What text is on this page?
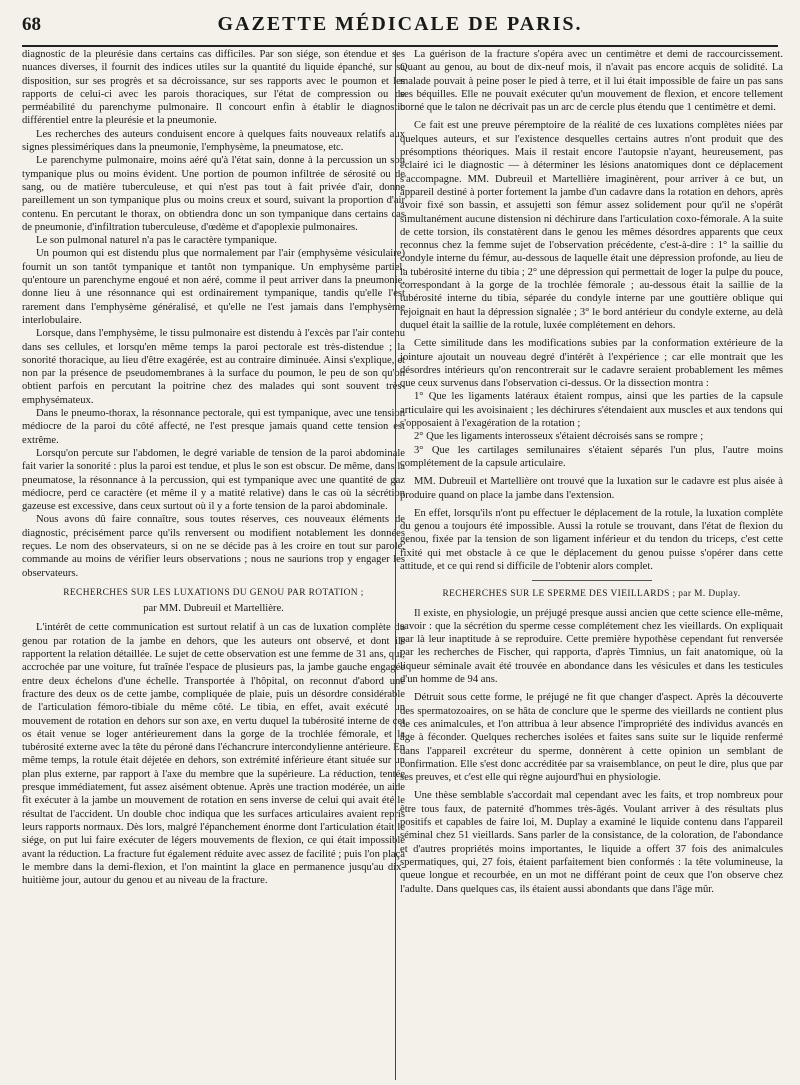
68	GAZETTE MÉDICALE DE PARIS.

diagnostic de la pleurésie dans certains cas difficiles. Par son siége, son étendue et ses nuances diverses, il fournit des indices utiles sur la quantité du liquide épanché, sur sa disposition, sur ses progrès et sa décroissance, sur ses rapports avec le poumon et les rapports de celui-ci avec les parois thoraciques, sur l'état de compression ou de perméabilité du parenchyme pulmonaire. Il concourt enfin à établir le diagnostic différentiel entre la pleurésie et la pneumonie.

Les recherches des auteurs conduisent encore à quelques faits nouveaux relatifs aux signes plessimériques dans la pneumonie, l'emphysème, la pneumatose, etc.

Le parenchyme pulmonaire, moins aéré qu'à l'état sain, donne à la percussion un son tympanique plus ou moins évident. Une portion de poumon infiltrée de sérosité ou de sang, ou de matière tuberculeuse, et qui n'est pas tout à fait privée d'air, donne pareillement un son tympanique plus ou moins creux et sourd, suivant la proportion d'air contenu. En percutant le thorax, on obtiendra donc un son tympanique dans certains cas de pneumonie, d'infiltration tuberculeuse, d'œdème et d'apoplexie pulmonaires.

Le son pulmonal naturel n'a pas le caractère tympanique.

Un poumon qui est distendu plus que normalement par l'air (emphysème vésiculaire) fournit un son tantôt tympanique et tantôt non tympanique. Un emphysème partiel, qu'entoure un parenchyme engoué et non aéré, comme il peut arriver dans la pneumonie, donne lieu à une résonnance qui est ordinairement tympanique, tandis qu'elle l'est rarement dans l'emphysème généralisé, et qu'elle ne l'est jamais dans l'emphysème interlobulaire.

Lorsque, dans l'emphysème, le tissu pulmonaire est distendu à l'excès par l'air contenu dans ses cellules, et lorsqu'en même temps la paroi pectorale est très-distendue ; la sonorité thoracique, au lieu d'être exagérée, est au contraire diminuée. Ainsi s'explique, et non par la présence de pseudomembranes à la surface du poumon, le peu de son qu'on obtient parfois en percutant la poitrine chez des malades qui sont souvent très-emphysémateux.

Dans le pneumo-thorax, la résonnance pectorale, qui est tympanique, avec une tension médiocre de la paroi du côté affecté, ne l'est presque jamais quand cette tension est extrême.

Lorsqu'on percute sur l'abdomen, le degré variable de tension de la paroi abdominale fait varier la sonorité : plus la paroi est tendue, et plus le son est obscur. De même, dans la pneumatose, la résonnance à la percussion, qui est tympanique avec une quantité de gaz médiocre, perd ce caractère (et même il y a matité relative) dans le cas où la sécrétion gazeuse est excessive, dans ceux surtout où il y a forte tension de la paroi abdominale.

Nous avons dû faire connaître, sous toutes réserves, ces nouveaux éléments de diagnostic, précisément parce qu'ils renversent ou modifient notablement les données reçues. Le nom des observateurs, si on ne se décide pas à les croire en tout sur parole, commande au moins de vérifier leurs observations ; nous ne saurions trop y engager les observateurs.

RECHERCHES SUR LES LUXATIONS DU GENOU PAR ROTATION ;
par MM. Dubreuil et Martellière.

L'intérêt de cette communication est surtout relatif à un cas de luxation complète du genou par rotation de la jambe en dehors, que les auteurs ont observé, et dont ils rapportent la relation détaillée. Le sujet de cette observation est une femme de 31 ans, qui, accrochée par une voiture, fut traînée l'espace de plusieurs pas, la jambe gauche engagée entre deux échelons d'une échelle. Transportée à l'hôpital, on reconnut d'abord une fracture des deux os de cette jambe, compliquée de plaie, puis un désordre considérable de l'articulation fémoro-tibiale du même côté. Le tibia, en effet, avait exécuté un mouvement de rotation en dehors sur son axe, en vertu duquel la tubérosité interne de cet os était venue se loger antérieurement dans la gorge de la trochlée fémorale, et la tubérosité externe avec la tête du péroné dans l'échancrure intercondylienne antérieure. En même temps, la rotule était déjetée en dehors, son extrémité inférieure étant située sur un plan plus externe, par rapport à l'axe du membre que la supérieure. La réduction, tentée presque immédiatement, fut assez aisément obtenue. Après une traction modérée, un aide fit exécuter à la jambe un mouvement de rotation en sens inverse de celui qui avait été le résultat de l'accident. Un double choc indiqua que les surfaces articulaires avaient repris leurs rapports normaux. Dès lors, malgré l'épanchement énorme dont l'articulation était le siége, on put lui faire exécuter de légers mouvements de flexion, ce qui était impossible avant la réduction. La fracture fut également réduite avec assez de facilité ; puis l'on plaça le membre dans la demi-flexion, et l'on maintint la glace en permanence jusqu'au dix-huitième jour, autour du genou et au niveau de la fracture.

La guérison de la fracture s'opéra avec un centimètre et demi de raccourcissement. Quant au genou, au bout de dix-neuf mois, il n'avait pas encore acquis de solidité. La malade pouvait à peine poser le pied à terre, et il lui était impossible de faire un pas sans ses béquilles. Elle ne pouvait exécuter qu'un mouvement de flexion, et encore tellement borné que le talon ne décrivait pas un arc de cercle plus étendu que 1 centimètre et demi.

Ce fait est une preuve péremptoire de la réalité de ces luxations complètes niées par quelques auteurs, et sur l'existence desquelles certains autres n'ont produit que des présomptions théoriques. Mais il restait encore l'autopsie n'ayant, heureusement, pas éclairé ici le diagnostic — à déterminer les lésions anatomiques dont ce déplacement s'accompagne. MM. Dubreuil et Martellière imaginèrent, pour arriver à ce but, un appareil destiné à porter fortement la jambe d'un cadavre dans la rotation en dehors, après avoir fixé son bassin, et assujetti son fémur assez solidement pour qu'il ne s'opérât simultanément aucune distension ni déchirure dans l'articulation coxo-fémorale. A la suite de cette torsion, ils constatèrent dans le genou les mêmes désordres apparents que ceux reconnus chez la femme sujet de l'observation précédente, c'est-à-dire : 1° la saillie du condyle interne du fémur, au-dessous de laquelle était une dépression profonde, au lieu de la tubérosité interne du tibia ; 2° une dépression qui permettait de loger la pulpe du pouce, correspondant à la gorge de la trochlée fémorale ; au-dessous était la saillie de la tubérosité interne du tibia, séparée du condyle interne par une gouttière oblique qui rejoignait en haut la dépression signalée ; 3° le bord antérieur du condyle externe, au delà duquel était la saillie de la rotule, luxée complétement en dehors.

Cette similitude dans les modifications subies par la conformation extérieure de la jointure ajoutait un nouveau degré d'intérêt à l'expérience ; car elle montrait que les désordres intérieurs qu'on rencontrerait sur le cadavre seraient probablement les mêmes que ceux survenus dans l'observation ci-dessus. Or la dissection montra :

1° Que les ligaments latéraux étaient rompus, ainsi que les parties de la capsule articulaire qui les avoisinaient ; les déchirures s'étendaient aux muscles et aux tendons qui s'opposaient à l'exagération de la rotation ;

2° Que les ligaments interosseux s'étaient décroisés sans se rompre ;

3° Que les cartilages semilunaires s'étaient séparés l'un plus, l'autre moins complétement de la capsule articulaire.

MM. Dubreuil et Martellière ont trouvé que la luxation sur le cadavre est plus aisée à produire quand on place la jambe dans l'extension.

En effet, lorsqu'ils n'ont pu effectuer le déplacement de la rotule, la luxation complète du genou a toujours été impossible. Aussi la rotule se trouvant, dans l'état de flexion du genou, fixée par la tension de son ligament inférieur et du tendon du triceps, c'est cette fixité qui met obstacle à ce que le déplacement du genou puisse s'opérer dans cette attitude, et ce qui rend si difficile de l'obtenir alors complet.

RECHERCHES SUR LE SPERME DES VIEILLARDS ; par M. Duplay.

Il existe, en physiologie, un préjugé presque aussi ancien que cette science elle-même, savoir : que la sécrétion du sperme cesse complétement chez les vieillards. On expliquait par là leur inaptitude à se reproduire. Cette première hypothèse cependant fut renversée par les recherches de Fischer, qui rapporta, d'après Timnius, un fait anatomique, où la liqueur séminale avait été trouvée en abondance dans les vésicules et dans les testicules d'un homme de 94 ans.

Détruit sous cette forme, le préjugé ne fit que changer d'aspect. Après la découverte des spermatozoaires, on se hâta de conclure que le sperme des vieillards ne contient plus de ces animalcules, et l'on attribua à leur absence l'impropriété des individus avancés en âge à féconder. Quelques recherches isolées et faites sans suite sur le liquide renfermé dans l'appareil excréteur du sperme, donnèrent à cette opinion un semblant de confirmation. Elle s'est donc accréditée par sa vraisemblance, on peut le dire, plus que par ses preuves, et c'est elle qui règne aujourd'hui en physiologie.

Une thèse semblable s'accordait mal cependant avec les faits, et trop nombreux pour être tous faux, de paternité d'hommes très-âgés. Voulant arriver à des résultats plus positifs et capables de faire loi, M. Duplay a examiné le liquide contenu dans l'appareil séminal chez 51 vieillards. Sans parler de la consistance, de la coloration, de l'abondance et d'autres propriétés moins importantes, le liquide a offert 37 fois des animalcules spermatiques, qui, 27 fois, étaient parfaitement bien conformés : la tête volumineuse, la queue longue et recourbée, en un mot ne différant point de ceux que l'on observe chez l'adulte. Dans quelques cas, ils étaient aussi abondants que dans l'âge mûr.
